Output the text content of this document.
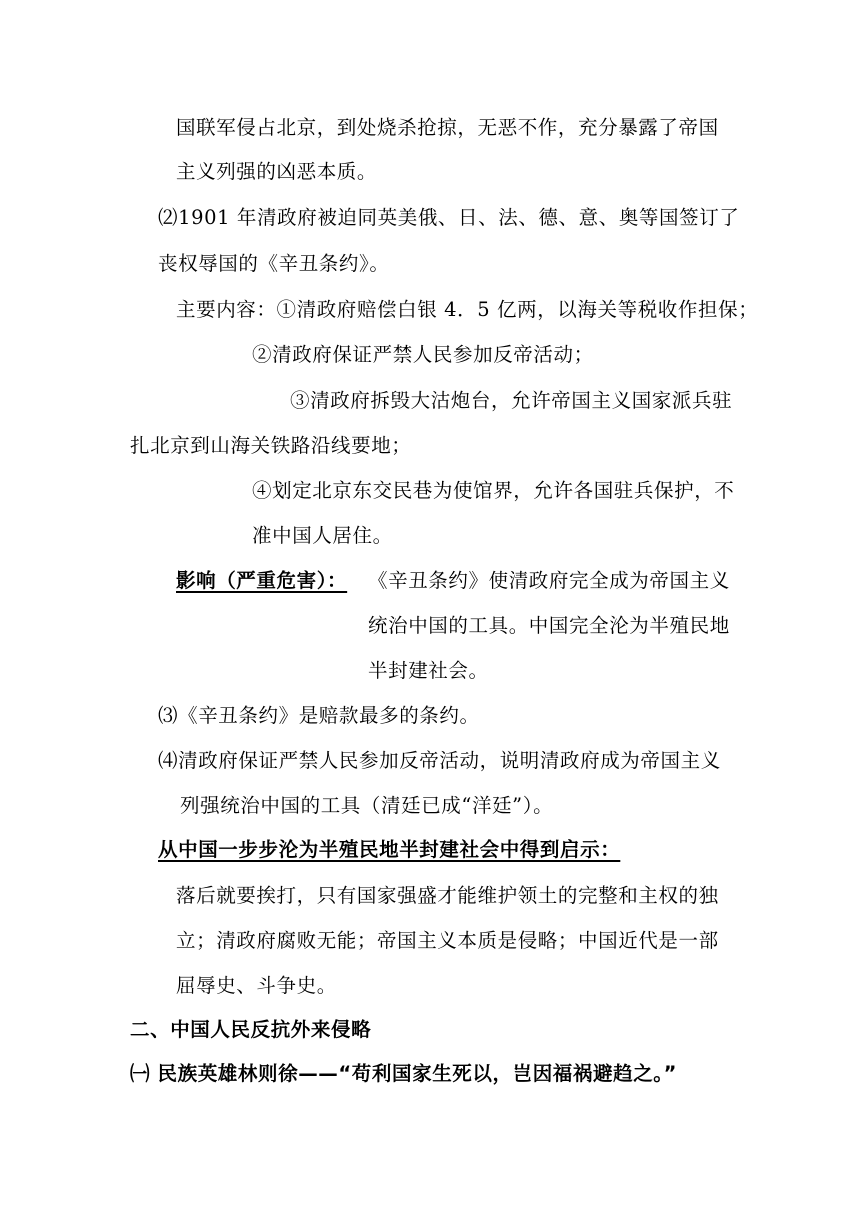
国联军侵占北京，到处烧杀抢掠，无恶不作，充分暴露了帝国
主义列强的凶恶本质。
⑵1901 年清政府被迫同英美俄、日、法、德、意、奥等国签订了
丧权辱国的《辛丑条约》。
主要内容：①清政府赔偿白银 4．5 亿两，以海关等税收作担保；
②清政府保证严禁人民参加反帝活动；
③清政府拆毁大沽炮台，允许帝国主义国家派兵驻
扎北京到山海关铁路沿线要地；
④划定北京东交民巷为使馆界，允许各国驻兵保护，不
准中国人居住。
影响（严重危害）： 《辛丑条约》使清政府完全成为帝国主义
统治中国的工具。中国完全沦为半殖民地
半封建社会。
⑶《辛丑条约》是赔款最多的条约。
⑷清政府保证严禁人民参加反帝活动，说明清政府成为帝国主义
列强统治中国的工具（清廷已成“洋廷”）。
从中国一步步沦为半殖民地半封建社会中得到启示：
落后就要挨打，只有国家强盛才能维护领土的完整和主权的独
立；清政府腐败无能；帝国主义本质是侵略；中国近代是一部
屈辱史、斗争史。
二、中国人民反抗外来侵略
㈠ 民族英雄林则徐——“苟利国家生死以，岂因福祸避趋之。”
